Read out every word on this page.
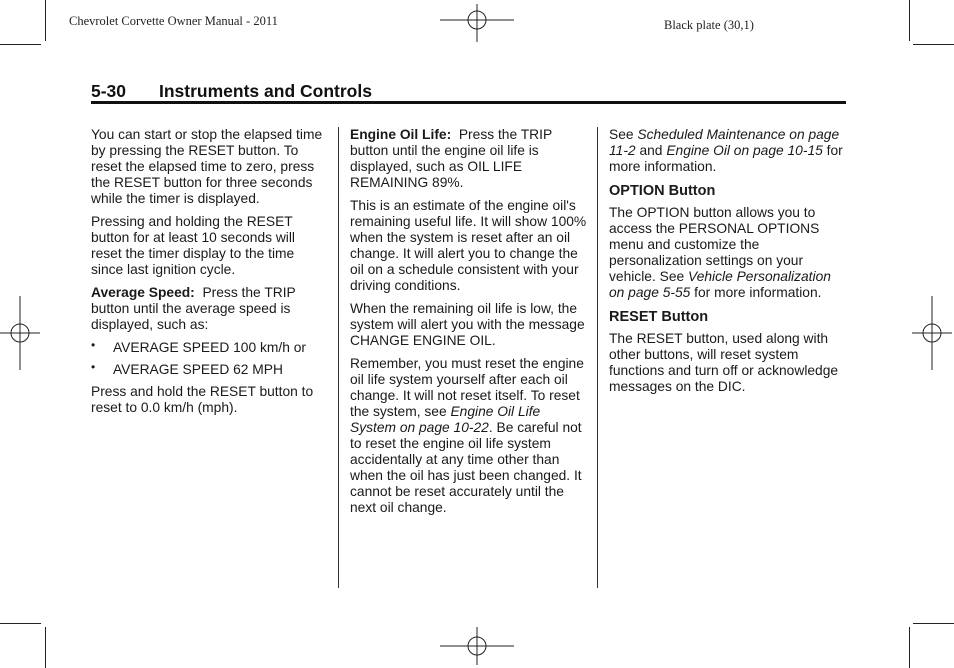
Chevrolet Corvette Owner Manual - 2011	Black plate (30,1)
5-30 Instruments and Controls

You can start or stop the elapsed time by pressing the RESET button. To reset the elapsed time to zero, press the RESET button for three seconds while the timer is displayed.

Pressing and holding the RESET button for at least 10 seconds will reset the timer display to the time since last ignition cycle.

Average Speed: Press the TRIP button until the average speed is displayed, such as:

• AVERAGE SPEED 100 km/h or
• AVERAGE SPEED 62 MPH

Press and hold the RESET button to reset to 0.0 km/h (mph).

Engine Oil Life: Press the TRIP button until the engine oil life is displayed, such as OIL LIFE REMAINING 89%.

This is an estimate of the engine oil's remaining useful life. It will show 100% when the system is reset after an oil change. It will alert you to change the oil on a schedule consistent with your driving conditions.

When the remaining oil life is low, the system will alert you with the message CHANGE ENGINE OIL.

Remember, you must reset the engine oil life system yourself after each oil change. It will not reset itself. To reset the system, see Engine Oil Life System on page 10-22. Be careful not to reset the engine oil life system accidentally at any time other than when the oil has just been changed. It cannot be reset accurately until the next oil change.

See Scheduled Maintenance on page 11-2 and Engine Oil on page 10-15 for more information.

OPTION Button

The OPTION button allows you to access the PERSONAL OPTIONS menu and customize the personalization settings on your vehicle. See Vehicle Personalization on page 5-55 for more information.

RESET Button

The RESET button, used along with other buttons, will reset system functions and turn off or acknowledge messages on the DIC.
